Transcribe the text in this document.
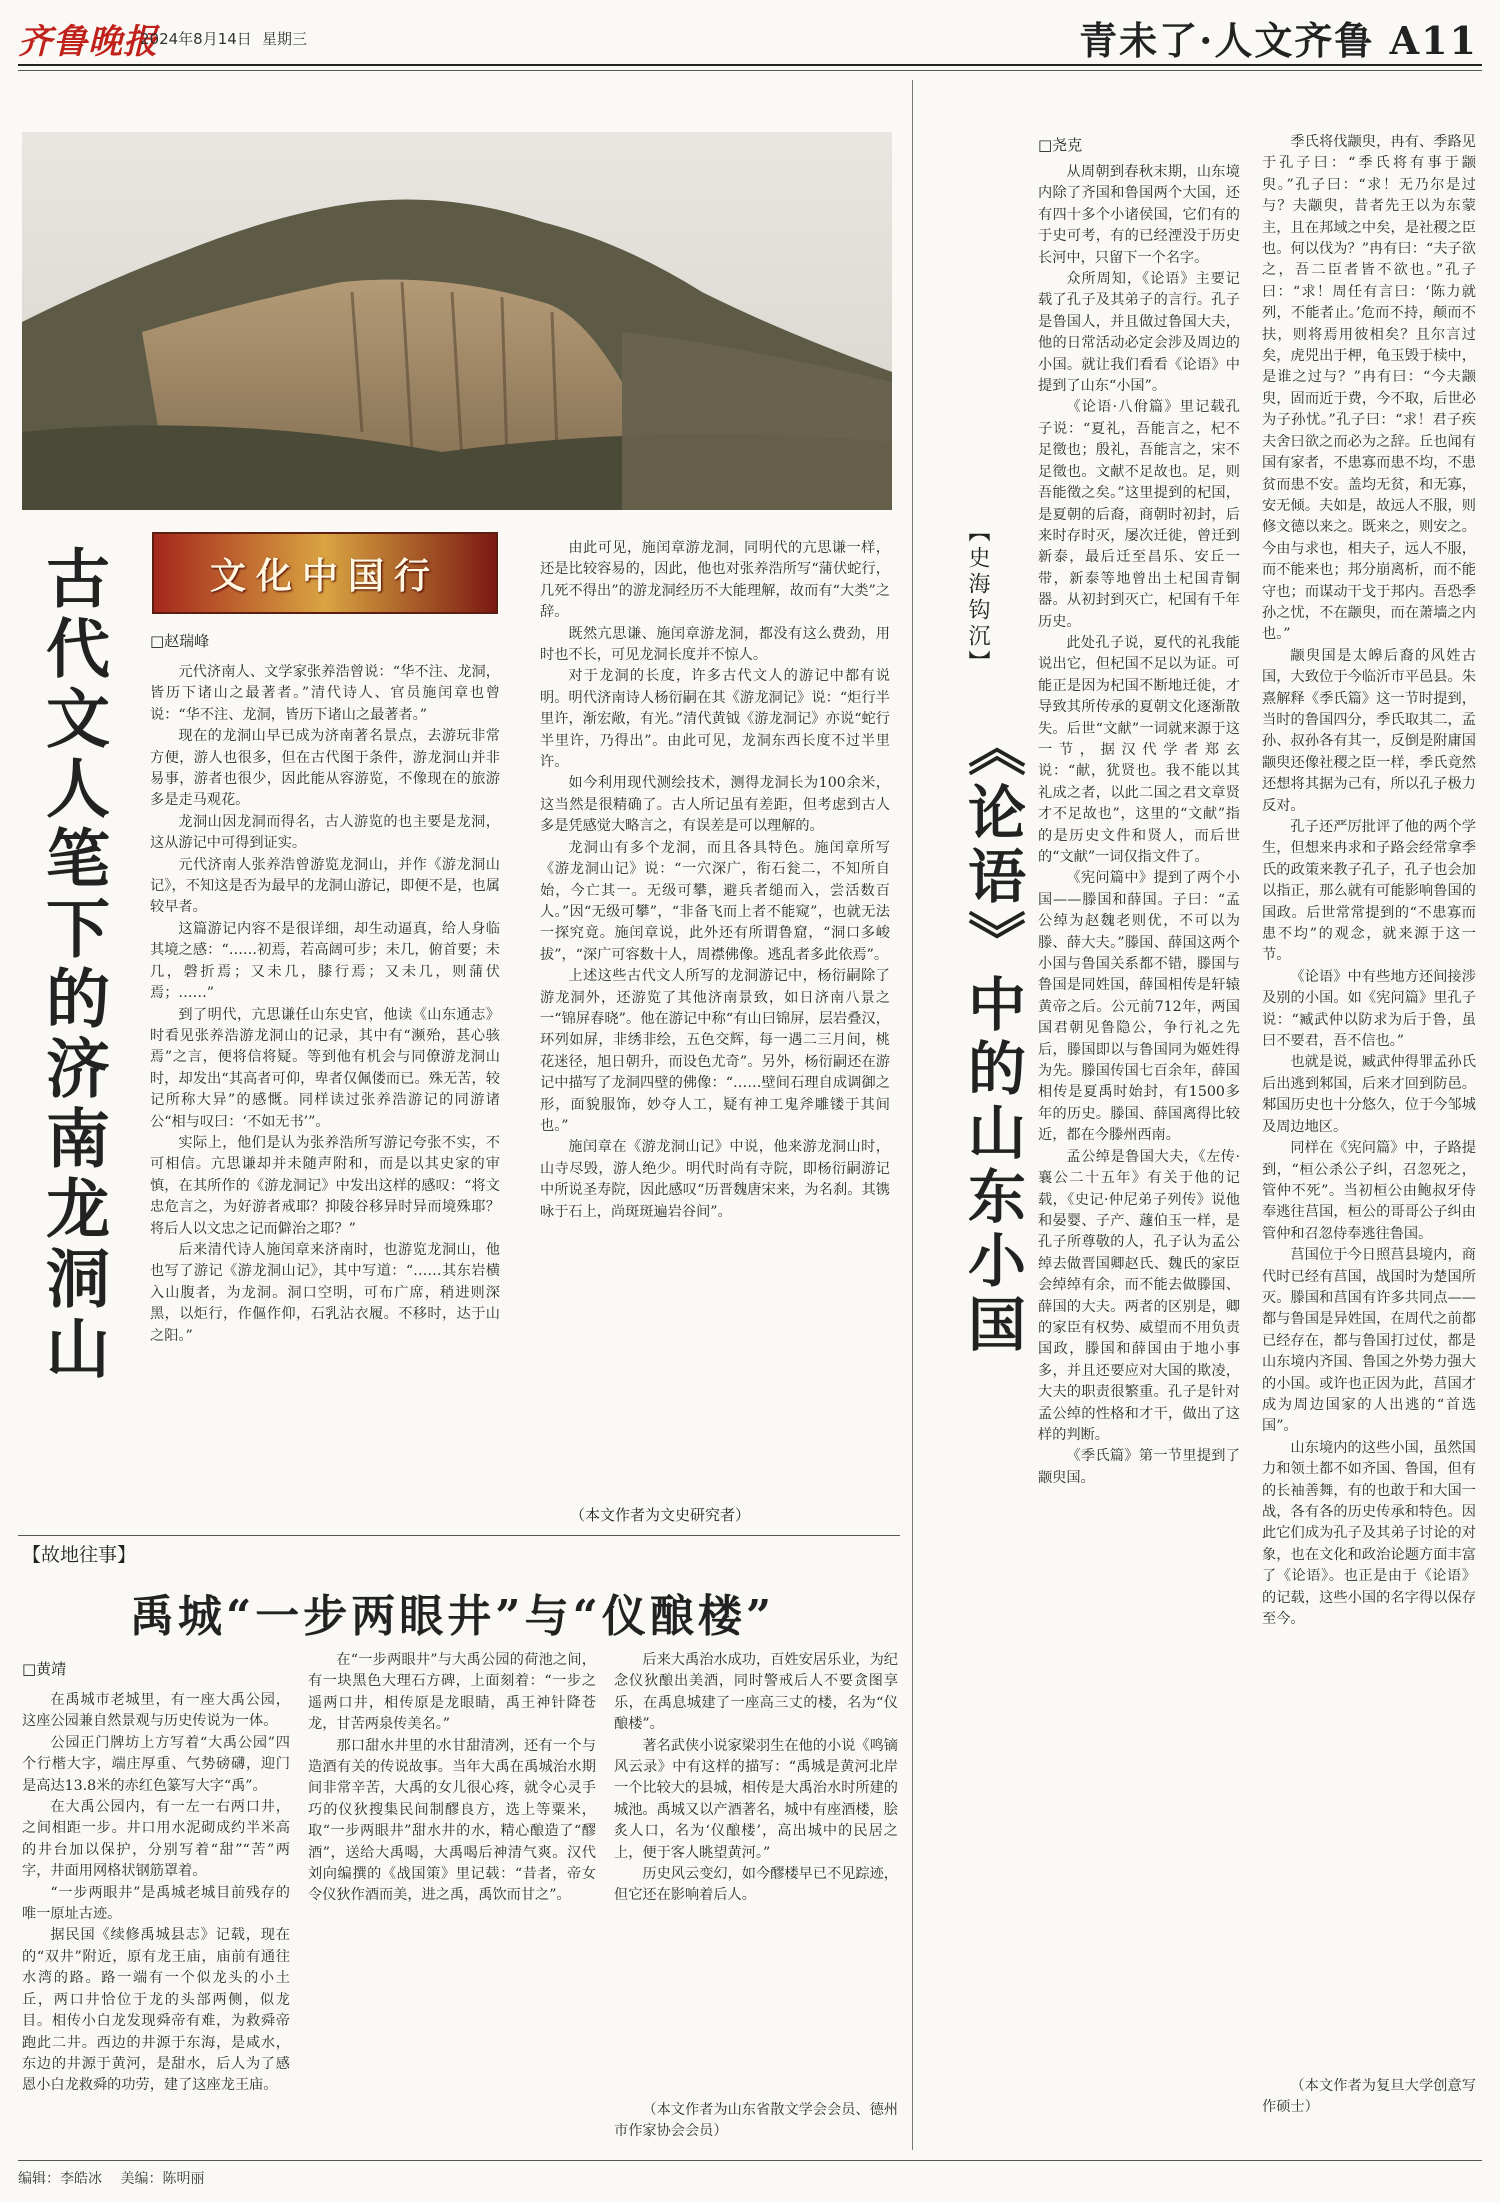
齐鲁晚报
2024年8月14日 星期三	青未了·人文齐鲁 A11
古代文人笔下的济南龙洞山	文化中国行
□赵瑞峰

元代济南人、文学家张养浩曾说：“华不注、龙洞，皆历下诸山之最著者。”清代诗人、官员施闰章也曾说：“华不注、龙洞，皆历下诸山之最著者。”

现在的龙洞山早已成为济南著名景点，去游玩非常方便，游人也很多，但在古代图于条件，游龙洞山并非易事，游者也很少，因此能从容游览，不像现在的旅游多是走马观花。

龙洞山因龙洞而得名，古人游览的也主要是龙洞，这从游记中可得到证实。

元代济南人张养浩曾游览龙洞山，并作《游龙洞山记》，不知这是否为最早的龙洞山游记，即便不是，也属较早者。

这篇游记内容不是很详细，却生动逼真，给人身临其境之感：“……初焉，若高阔可步；未几，俯首要；未几，磬折焉；又未几，膝行焉；又未几，则蒲伏焉；……”

到了明代，亢思谦任山东史官，他读《山东通志》时看见张养浩游龙洞山的记录，其中有“濒殆，甚心骇焉”之言，便将信将疑。等到他有机会与同僚游龙洞山时，却发出“其高者可仰，卑者仅佩偻而已。殊无苦，较记所称大异”的感慨。同样读过张养浩游记的同游诸公“相与叹曰：‘不如无书’”。

实际上，他们是认为张养浩所写游记夸张不实，不可相信。亢思谦却并未随声附和，而是以其史家的审慎，在其所作的《游龙洞记》中发出这样的感叹：“将文忠危言之，为好游者戒耶？抑陵谷移异时异而境殊耶？将后人以文忠之记而僻治之耶？”

后来清代诗人施闰章来济南时，也游览龙洞山，他也写了游记《游龙洞山记》，其中写道：“……其东岩横入山腹者，为龙洞。洞口空明，可布广席，稍进则深黑，以炬行，作傴作仰，石乳沾衣履。不移时，达于山之阳。”

由此可见，施闰章游龙洞，同明代的亢思谦一样，还是比较容易的，因此，他也对张养浩所写“蒲伏蛇行，几死不得出”的游龙洞经历不大能理解，故而有“大类”之辞。

既然亢思谦、施闰章游龙洞，都没有这么费劲，用时也不长，可见龙洞长度并不惊人。

对于龙洞的长度，许多古代文人的游记中都有说明。明代济南诗人杨衍嗣在其《游龙洞记》说：“炬行半里许，渐宏敞，有光。”清代黄钺《游龙洞记》亦说“蛇行半里许，乃得出”。由此可见，龙洞东西长度不过半里许。

如今利用现代测绘技术，测得龙洞长为100余米，这当然是很精确了。古人所记虽有差距，但考虑到古人多是凭感觉大略言之，有误差是可以理解的。

龙洞山有多个龙洞，而且各具特色。施闰章所写《游龙洞山记》说：“一穴深广，衔石瓮二，不知所自始，今亡其一。无级可攀，避兵者缒而入，尝活数百人。”因“无级可攀”，“非备飞而上者不能窥”，也就无法一探究竟。施闰章说，此外还有所谓鲁窟，“洞口多峻拔”，“深广可容数十人，周襟佛像。逃乱者多此依焉”。

上述这些古代文人所写的龙洞游记中，杨衍嗣除了游龙洞外，还游览了其他济南景致，如日济南八景之一“锦屏春晓”。他在游记中称“有山曰锦屏，层岩叠汉，环列如屏，非绣非绘，五色交辉，每一遇二三月间，桃花迷径，旭日朝升，而设色尤奇”。另外，杨衍嗣还在游记中描写了龙洞四壁的佛像：“……壁间石理自成调御之形，面貌服饰，妙夺人工，疑有神工鬼斧雕镂于其间也。”

施闰章在《游龙洞山记》中说，他来游龙洞山时，山寺尽毁，游人绝少。明代时尚有寺院，即杨衍嗣游记中所说圣寿院，因此感叹“历晋魏唐宋来，为名刹。其镌咏于石上，尚斑斑遍岩谷间”。

（本文作者为文史研究者）
【故地往事】
禹城“一步两眼井”与“仪酿楼”
□黄靖

在禹城市老城里，有一座大禹公园，这座公园兼自然景观与历史传说为一体。

公园正门牌坊上方写着“大禹公园”四个行楷大字，端庄厚重、气势磅礴，迎门是高达13.8米的赤红色篆写大字“禹”。

在大禹公园内，有一左一右两口井，之间相距一步。井口用水泥砌成约半米高的井台加以保护，分别写着“甜”“苦”两字，井面用网格状钢筋罩着。

“一步两眼井”是禹城老城目前残存的唯一原址古迹。

据民国《续修禹城县志》记载，现在的“双井”附近，原有龙王庙，庙前有通往水湾的路。路一端有一个似龙头的小土丘，两口井恰位于龙的头部两侧，似龙目。相传小白龙发现舜帝有难，为救舜帝跑此二井。西边的井源于东海，是咸水，东边的井源于黄河，是甜水，后人为了感恩小白龙救舜的功劳，建了这座龙王庙。

在“一步两眼井”与大禹公园的荷池之间，有一块黑色大理石方碑，上面刻着：“一步之遥两口井，相传原是龙眼睛，禹王神针降苍龙，甘苦两泉传美名。”

那口甜水井里的水甘甜清冽，还有一个与造酒有关的传说故事。当年大禹在禹城治水期间非常辛苦，大禹的女儿很心疼，就令心灵手巧的仪狄搜集民间制醪良方，选上等粟米，取“一步两眼井”甜水井的水，精心酿造了“醪酒”，送给大禹喝，大禹喝后神清气爽。汉代刘向编撰的《战国策》里记载：“昔者，帝女令仪狄作酒而美，进之禹，禹饮而甘之”。

后来大禹治水成功，百姓安居乐业，为纪念仪狄酿出美酒，同时警戒后人不要贪图享乐，在禹息城建了一座高三丈的楼，名为“仪酿楼”。

著名武侠小说家梁羽生在他的小说《鸣镝风云录》中有这样的描写：“禹城是黄河北岸一个比较大的县城，相传是大禹治水时所建的城池。禹城又以产酒著名，城中有座酒楼，脍炙人口，名为‘仪酿楼’，高出城中的民居之上，便于客人眺望黄河。”

历史风云变幻，如今醪楼早已不见踪迹，但它还在影响着后人。

（本文作者为山东省散文学会会员、德州市作家协会会员）

【史海钩沉】
《论语》中的山东小国
□尧克

从周朝到春秋末期，山东境内除了齐国和鲁国两个大国，还有四十多个小诸侯国，它们有的于史可考，有的已经湮没于历史长河中，只留下一个名字。

众所周知，《论语》主要记载了孔子及其弟子的言行。孔子是鲁国人，并且做过鲁国大夫，他的日常活动必定会涉及周边的小国。就让我们看看《论语》中提到了山东“小国”。

《论语·八佾篇》里记载孔子说：“夏礼，吾能言之，杞不足徵也；殷礼，吾能言之，宋不足徵也。文献不足故也。足，则吾能徵之矣。”这里提到的杞国，是夏朝的后裔，商朝时初封，后来时存时灭，屡次迁徙，曾迁到新泰，最后迁至昌乐、安丘一带，新泰等地曾出土杞国青铜器。从初封到灭亡，杞国有千年历史。

此处孔子说，夏代的礼我能说出它，但杞国不足以为证。可能正是因为杞国不断地迁徙，才导致其所传承的夏朝文化逐渐散失。后世“文献”一词就来源于这一节，据汉代学者郑玄说：“献，犹贤也。我不能以其礼成之者，以此二国之君文章贤才不足故也”，这里的“文献”指的是历史文件和贤人，而后世的“文献”一词仅指文件了。

《宪问篇中》提到了两个小国——滕国和薛国。子曰：“孟公绰为赵魏老则优，不可以为滕、薛大夫。”滕国、薛国这两个小国与鲁国关系都不错，滕国与鲁国是同姓国，薛国相传是轩辕黄帝之后。公元前712年，两国国君朝见鲁隐公，争行礼之先后，滕国即以与鲁国同为姬姓得为先。滕国传国七百余年，薛国相传是夏禹时始封，有1500多年的历史。滕国、薛国离得比较近，都在今滕州西南。

孟公绰是鲁国大夫，《左传·襄公二十五年》有关于他的记载，《史记·仲尼弟子列传》说他和晏婴、子产、蘧伯玉一样，是孔子所尊敬的人，孔子认为孟公绰去做晋国卿赵氏、魏氏的家臣会绰绰有余，而不能去做滕国、薛国的大夫。两者的区别是，卿的家臣有权势、威望而不用负责国政，滕国和薛国由于地小事多，并且还要应对大国的欺凌，大夫的职责很繁重。孔子是针对孟公绰的性格和才干，做出了这样的判断。

《季氏篇》第一节里提到了颛臾国。

季氏将伐颛臾，冉有、季路见于孔子曰：“季氏将有事于颛臾。”孔子曰：“求！无乃尔是过与？夫颛臾，昔者先王以为东蒙主，且在邦域之中矣，是社稷之臣也。何以伐为？”冉有曰：“夫子欲之，吾二臣者皆不欲也。”孔子曰：“求！周任有言曰：‘陈力就列，不能者止。’危而不持，颠而不扶，则将焉用彼相矣？且尔言过矣，虎兕出于柙，龟玉毁于椟中，是谁之过与？”冉有曰：“今夫颛臾，固而近于费，今不取，后世必为子孙忧。”孔子曰：“求！君子疾夫舍曰欲之而必为之辞。丘也闻有国有家者，不患寡而患不均，不患贫而患不安。盖均无贫，和无寡，安无倾。夫如是，故远人不服，则修文德以来之。既来之，则安之。今由与求也，相夫子，远人不服，而不能来也；邦分崩离析，而不能守也；而谋动干戈于邦内。吾恐季孙之忧，不在颛臾，而在萧墙之内也。”

颛臾国是太皞后裔的风姓古国，大致位于今临沂市平邑县。朱熹解释《季氏篇》这一节时提到，当时的鲁国四分，季氏取其二，孟孙、叔孙各有其一，反倒是附庸国颛臾还像社稷之臣一样，季氏竟然还想将其据为己有，所以孔子极力反对。

孔子还严厉批评了他的两个学生，但想来冉求和子路会经常拿季氏的政策来教子孔子，孔子也会加以指正，那么就有可能影响鲁国的国政。后世常常提到的“不患寡而患不均”的观念，就来源于这一节。

《论语》中有些地方还间接涉及别的小国。如《宪问篇》里孔子说：“臧武仲以防求为后于鲁，虽曰不要君，吾不信也。”

也就是说，臧武仲得罪孟孙氏后出逃到邾国，后来才回到防邑。邾国历史也十分悠久，位于今邹城及周边地区。

同样在《宪问篇》中，子路提到，“桓公杀公子纠，召忽死之，管仲不死”。当初桓公由鲍叔牙侍奉逃往莒国，桓公的哥哥公子纠由管仲和召忽侍奉逃往鲁国。

莒国位于今日照莒县境内，商代时已经有莒国，战国时为楚国所灭。滕国和莒国有许多共同点——都与鲁国是异姓国，在周代之前都已经存在，都与鲁国打过仗，都是山东境内齐国、鲁国之外势力强大的小国。或许也正因为此，莒国才成为周边国家的人出逃的“首选国”。

山东境内的这些小国，虽然国力和领土都不如齐国、鲁国，但有的长袖善舞，有的也敢于和大国一战，各有各的历史传承和特色。因此它们成为孔子及其弟子讨论的对象，也在文化和政治论题方面丰富了《论语》。也正是由于《论语》的记载，这些小国的名字得以保存至今。

（本文作者为复旦大学创意写作硕士）

编辑：李皓冰 美编：陈明丽
